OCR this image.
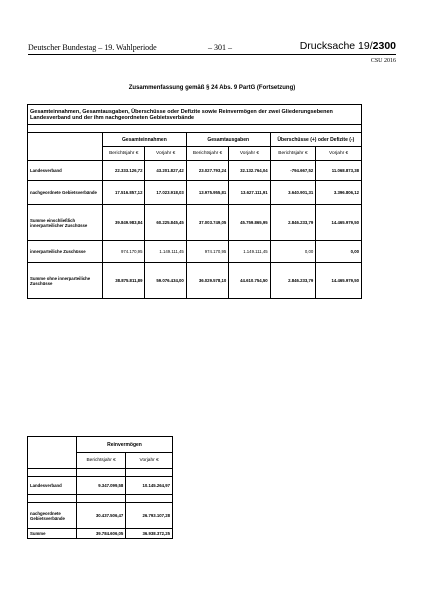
Deutscher Bundestag – 19. Wahlperiode	– 301 –	Drucksache 19/2300
CSU 2016
Zusammenfassung gemäß § 24 Abs. 9 PartG (Fortsetzung)
Gesamteinnahmen, Gesamtausgaben, Überschüsse oder Defizite sowie Reinvermögen der zwei Gliederungsebenen Landesverband und der ihm nachgeordneten Gebietsverbände						

	Gesamteinnahmen		Gesamtausgaben		Überschüsse (+) oder Defizite (-)	
	Berichtsjahr €	Vorjahr €	Berichtsjahr €	Vorjahr €	Berichtsjahr €	Vorjahr €
Landesverband	22.333.126,72	43.201.827,42	23.027.793,24	32.132.764,04	-794.667,52	11.068.873,38
nachgeordnete Gebietsverbände	17.516.857,12	17.023.918,03	13.975.955,81	13.627.111,91	3.640.901,31	3.396.806,12
Summe einschließlich innerparteilicher Zuschüsse	39.849.983,84	60.225.845,45	37.003.749,05	45.759.865,95	2.846.233,79	14.465.979,50
innerparteiliche Zuschüsse	974.170,95	1.149.111,45	974.170,95	1.149.111,45	0,00	0,00
Summe ohne innerparteiliche Zuschüsse	38.875.811,89	59.076.434,00	36.029.578,10	44.610.754,50	2.846.233,79	14.465.979,50
	Reinvermögen	
	Berichtsjahr €	Vorjahr €

Landesverband	9.347.099,58	10.145.264,97

nachgeordnete Gebietsverbände	30.437.506,47	26.793.107,28
Summe	39.784.606,05	36.938.372,25
